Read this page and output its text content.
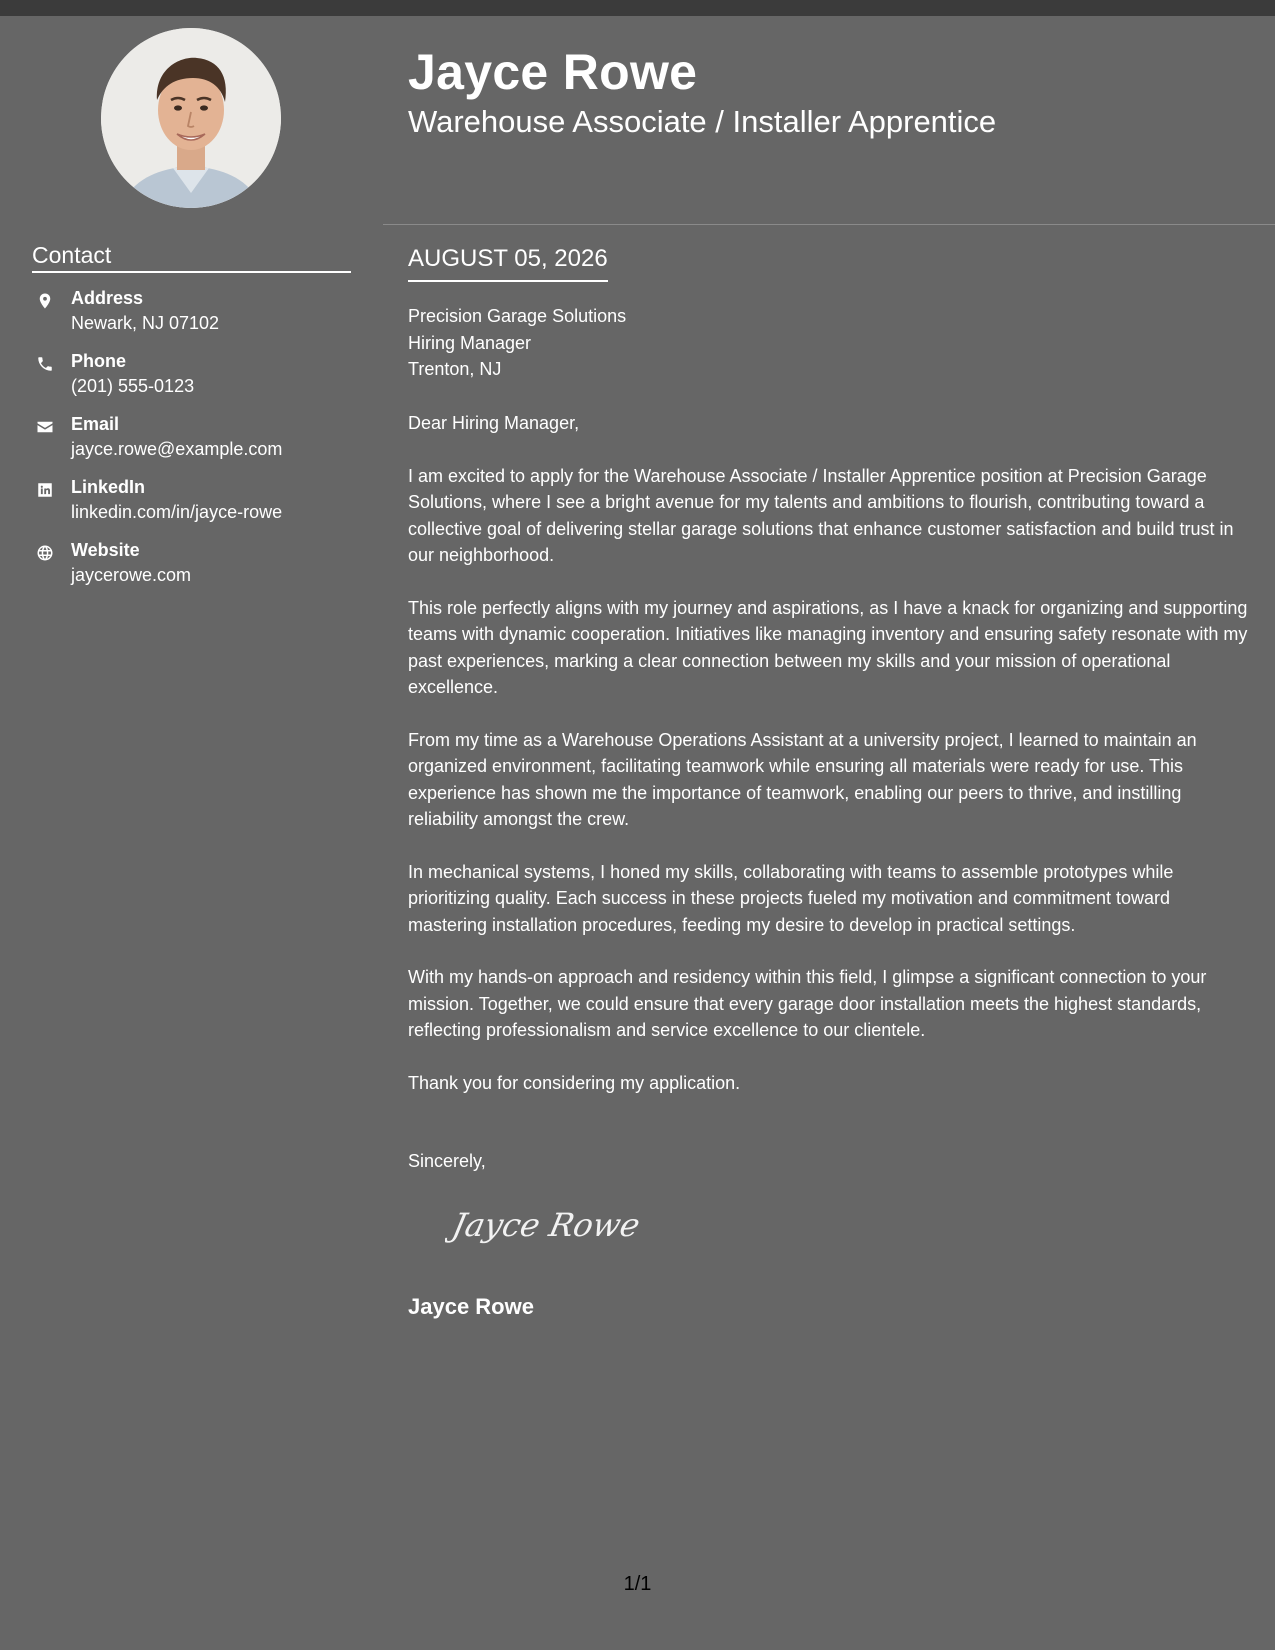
Contact
Address
Newark, NJ 07102
Phone
(201) 555-0123
Email
jayce.rowe@example.com
LinkedIn
linkedin.com/in/jayce-rowe
Website
jaycerowe.com
Jayce Rowe
Warehouse Associate / Installer Apprentice
AUGUST 05, 2026
Precision Garage Solutions
Hiring Manager
Trenton, NJ

Dear Hiring Manager,

I am excited to apply for the Warehouse Associate / Installer Apprentice position at Precision Garage Solutions, where I see a bright avenue for my talents and ambitions to flourish, contributing toward a collective goal of delivering stellar garage solutions that enhance customer satisfaction and build trust in our neighborhood.

This role perfectly aligns with my journey and aspirations, as I have a knack for organizing and supporting teams with dynamic cooperation. Initiatives like managing inventory and ensuring safety resonate with my past experiences, marking a clear connection between my skills and your mission of operational excellence.

From my time as a Warehouse Operations Assistant at a university project, I learned to maintain an organized environment, facilitating teamwork while ensuring all materials were ready for use. This experience has shown me the importance of teamwork, enabling our peers to thrive, and instilling reliability amongst the crew.

In mechanical systems, I honed my skills, collaborating with teams to assemble prototypes while prioritizing quality. Each success in these projects fueled my motivation and commitment toward mastering installation procedures, feeding my desire to develop in practical settings.

With my hands-on approach and residency within this field, I glimpse a significant connection to your mission. Together, we could ensure that every garage door installation meets the highest standards, reflecting professionalism and service excellence to our clientele.

Thank you for considering my application.

Sincerely,
Jayce Rowe
Jayce Rowe
1/1
